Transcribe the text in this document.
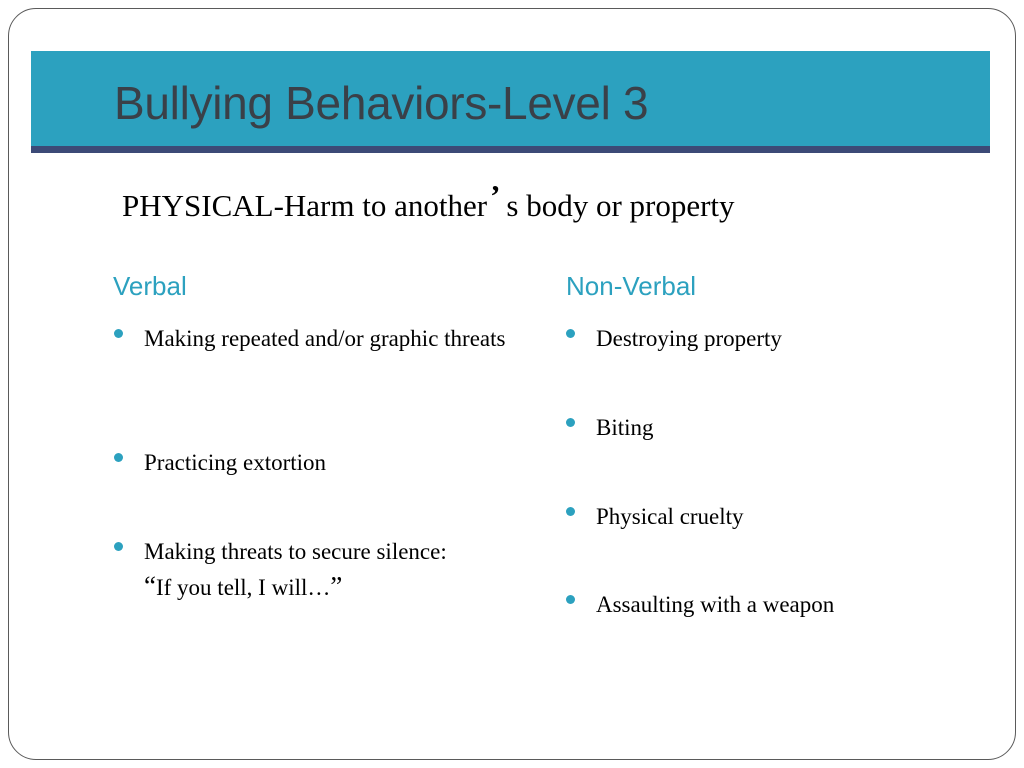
Bullying Behaviors-Level 3

PHYSICAL-Harm to another’ s body or property

Verbal	Non-Verbal
Making repeated and/or graphic threats
Practicing extortion
Making threats to secure silence:
“If you tell, I will…”
Destroying property
Biting
Physical cruelty
Assaulting with a weapon
